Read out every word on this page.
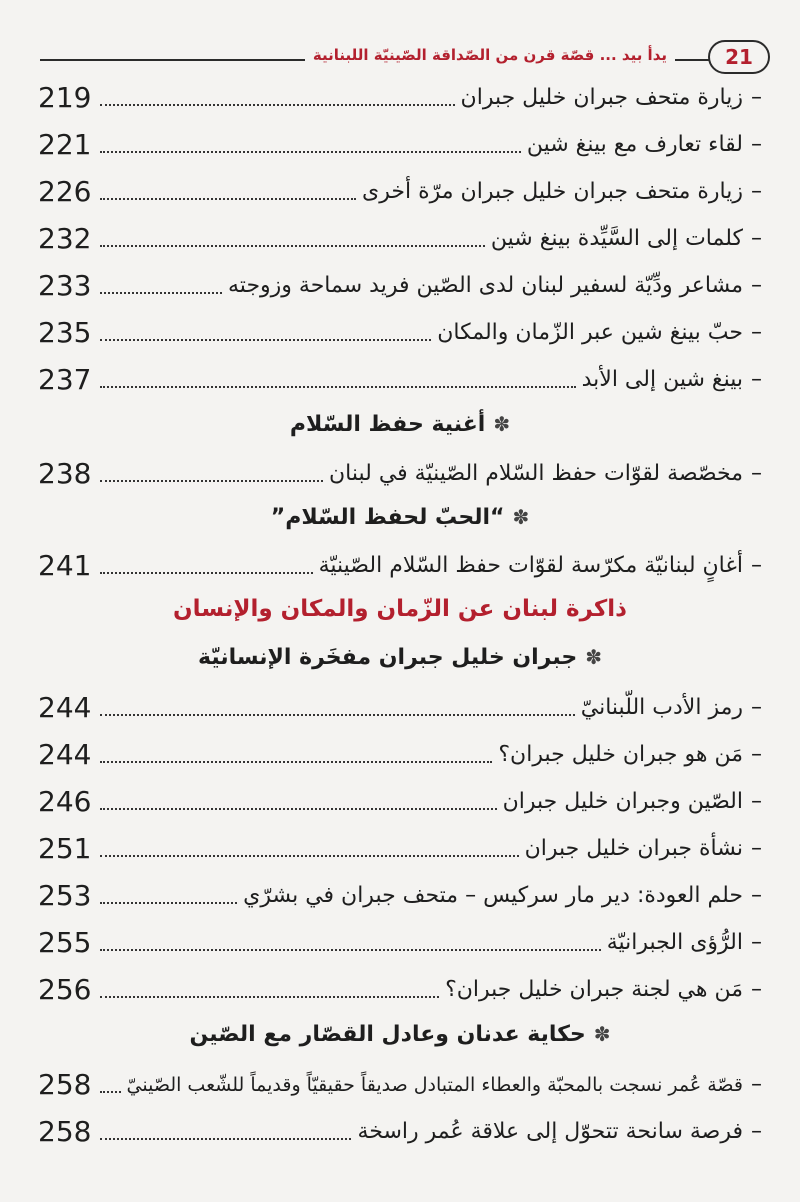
يدأ بيد ... قصّة قرن من الصّداقة الصّينيّة اللبنانية	21
–
زيارة متحف جبران خليل جبران
219
–
لقاء تعارف مع بينغ شين
221
–
زيارة متحف جبران خليل جبران مرّة أخرى
226
–
كلمات إلى السَّيِّدة بينغ شين
232
–
مشاعر ودِّيّة لسفير لبنان لدى الصّين فريد سماحة وزوجته
233
–
حبّ بينغ شين عبر الزّمان والمكان
235
–
بينغ شين إلى الأبد
237
✽أغنية حفظ السّلام
–
مخصّصة لقوّات حفظ السّلام الصّينيّة في لبنان
238
✽“الحبّ لحفظ السّلام”
–
أغانٍ لبنانيّة مكرّسة لقوّات حفظ السّلام الصّينيّة
241
ذاكرة لبنان عن الزّمان والمكان والإنسان
✽جبران خليل جبران مفخَرة الإنسانيّة
–
رمز الأدب اللّبنانيّ
244
–
مَن هو جبران خليل جبران؟
244
–
الصّين وجبران خليل جبران
246
–
نشأة جبران خليل جبران
251
–
حلم العودة: دير مار سركيس – متحف جبران في بشرّي
253
–
الرُّؤى الجبرانيّة
255
–
مَن هي لجنة جبران خليل جبران؟
256
✽حكاية عدنان وعادل القصّار مع الصّين
–
قصّة عُمر نسجت بالمحبّة والعطاء المتبادل صديقاً حقيقيّاً وقديماً للشّعب الصّينيّ
258
–
فرصة سانحة تتحوّل إلى علاقة عُمر راسخة
258
